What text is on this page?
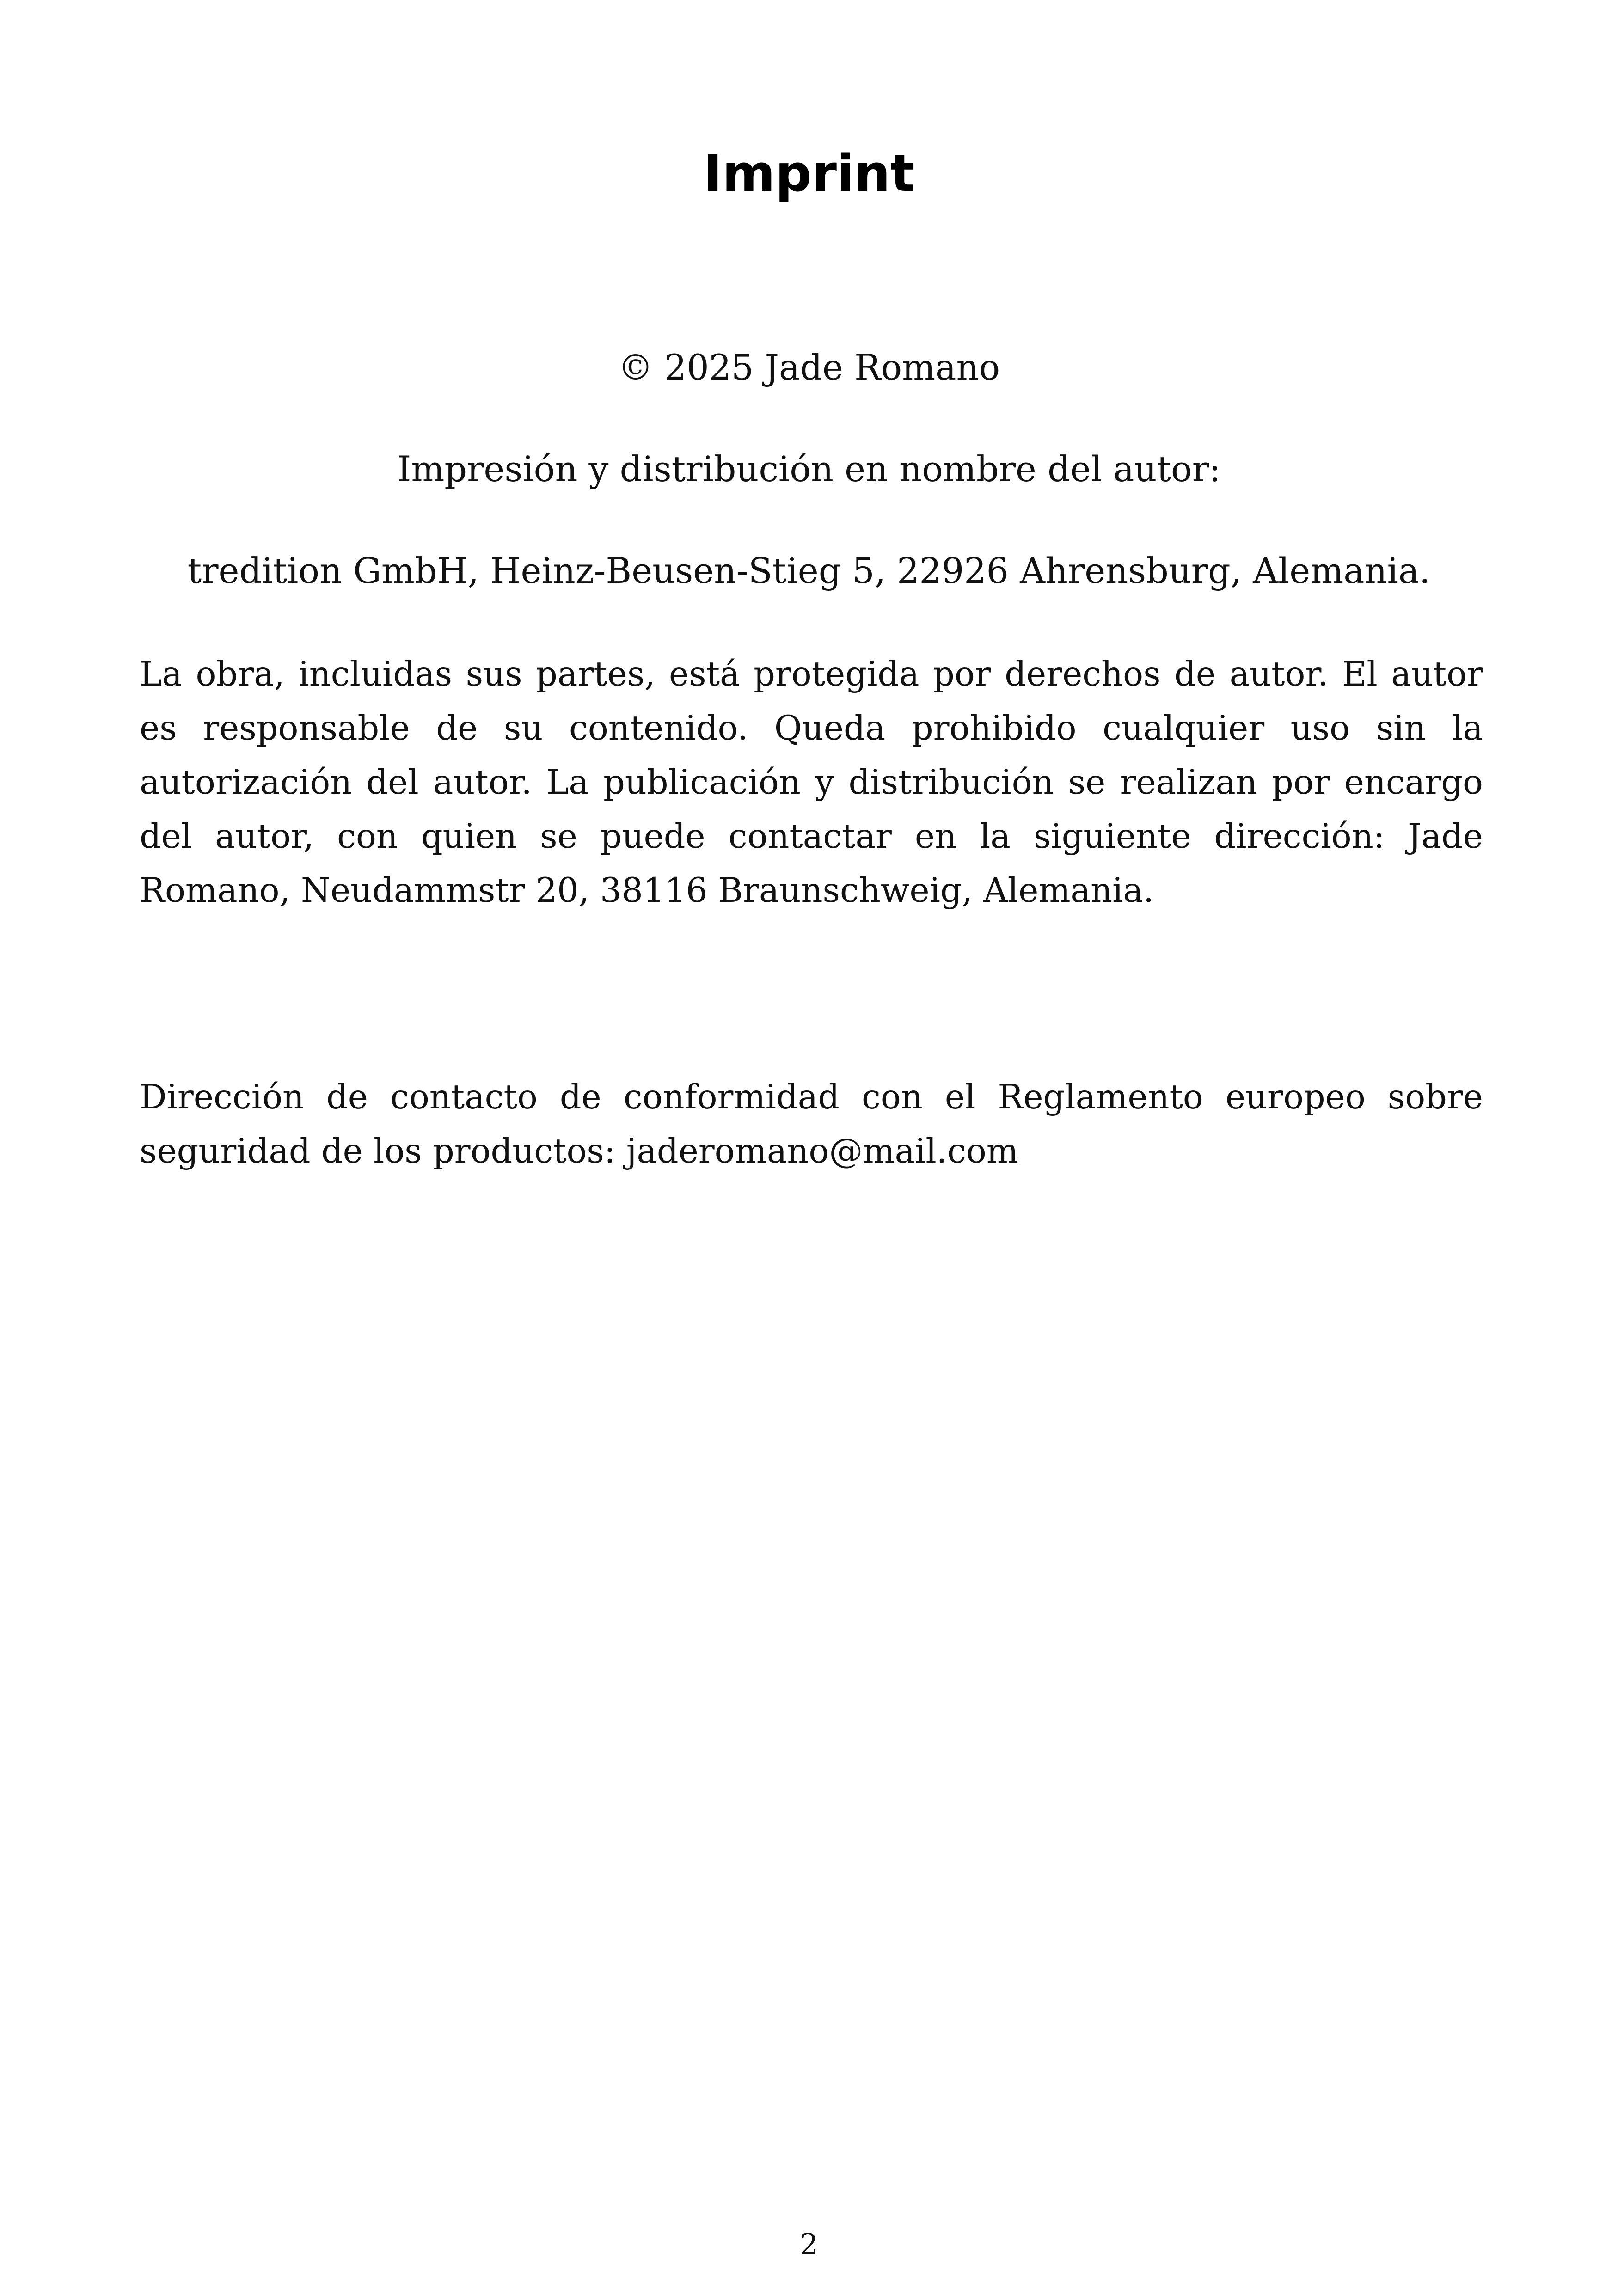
Imprint

© 2025 Jade Romano

Impresión y distribución en nombre del autor:

tredition GmbH, Heinz-Beusen-Stieg 5, 22926 Ahrensburg, Alemania.

La obra, incluidas sus partes, está protegida por derechos de autor. El autor es responsable de su contenido. Queda prohibido cualquier uso sin la autorización del autor. La publicación y distribución se realizan por encargo del autor, con quien se puede contactar en la siguiente dirección: Jade Romano, Neudammstr 20, 38116 Braunschweig, Alemania.

Dirección de contacto de conformidad con el Reglamento europeo sobre seguridad de los productos: jaderomano@mail.com

2
